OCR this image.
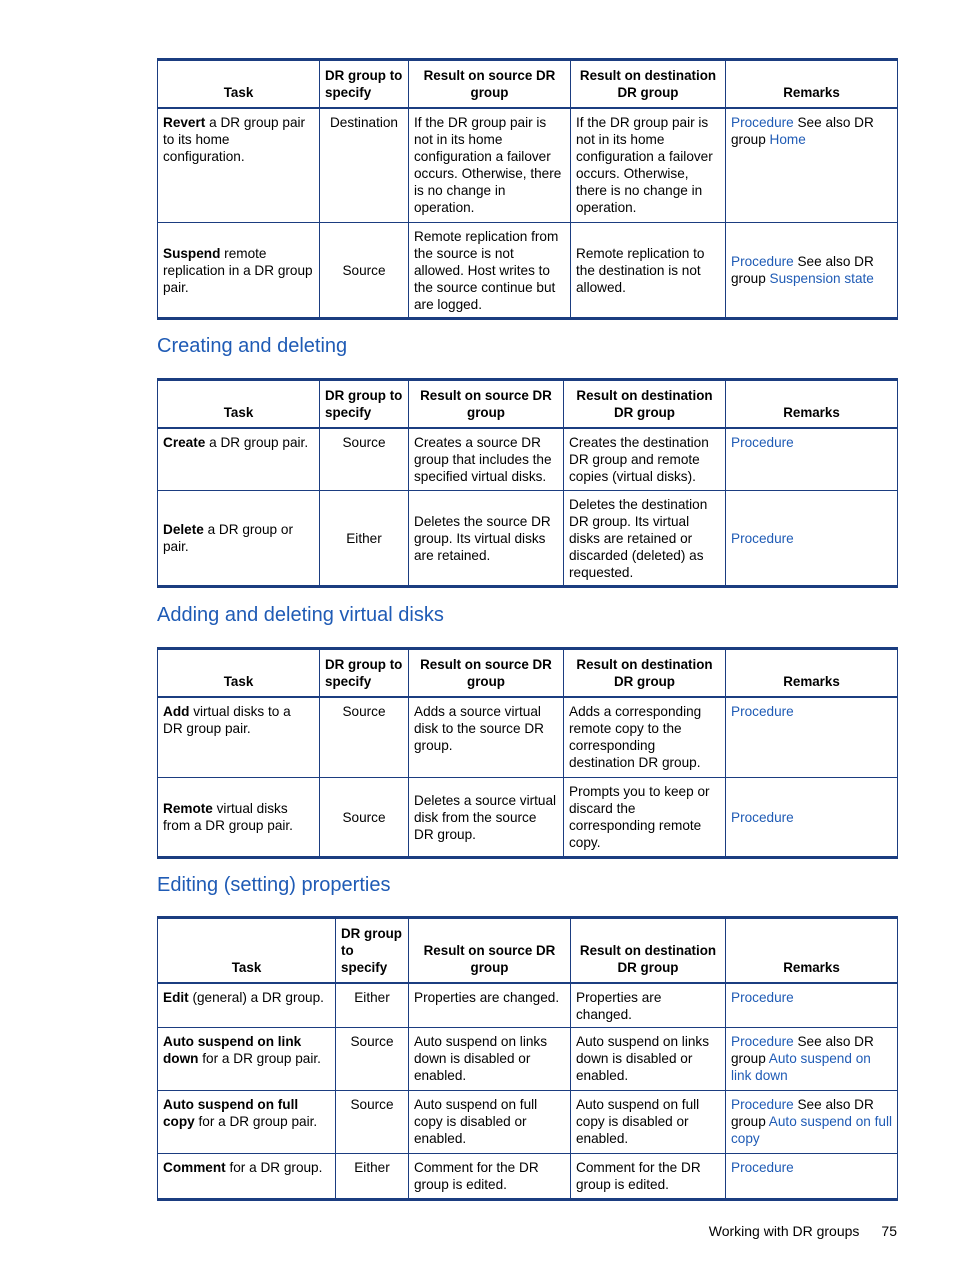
Task	DR group to specify	Result on source DR group	Result on destination DR group	Remarks
Revert a DR group pair to its home configuration.	Destination	If the DR group pair is not in its home configuration a failover occurs. Otherwise, there is no change in operation.	If the DR group pair is not in its home configuration a failover occurs. Otherwise, there is no change in operation.	Procedure See also DR group Home
Suspend remote replication in a DR group pair.	Source	Remote replication from the source is not allowed. Host writes to the source continue but are logged.	Remote replication to the destination is not allowed.	Procedure See also DR group Suspension state
Creating and deleting
Task	DR group to specify	Result on source DR group	Result on destination DR group	Remarks
Create a DR group pair.	Source	Creates a source DR group that includes the specified virtual disks.	Creates the destination DR group and remote copies (virtual disks).	Procedure
Delete a DR group or pair.	Either	Deletes the source DR group. Its virtual disks are retained.	Deletes the destination DR group. Its virtual disks are retained or discarded (deleted) as requested.	Procedure
Adding and deleting virtual disks
Task	DR group to specify	Result on source DR group	Result on destination DR group	Remarks
Add virtual disks to a DR group pair.	Source	Adds a source virtual disk to the source DR group.	Adds a corresponding remote copy to the corresponding destination DR group.	Procedure
Remote virtual disks from a DR group pair.	Source	Deletes a source virtual disk from the source DR group.	Prompts you to keep or discard the corresponding remote copy.	Procedure
Editing (setting) properties
Task	DR group to specify	Result on source DR group	Result on destination DR group	Remarks
Edit (general) a DR group.	Either	Properties are changed.	Properties are changed.	Procedure
Auto suspend on link down for a DR group pair.	Source	Auto suspend on links down is disabled or enabled.	Auto suspend on links down is disabled or enabled.	Procedure See also DR group Auto suspend on link down
Auto suspend on full copy for a DR group pair.	Source	Auto suspend on full copy is disabled or enabled.	Auto suspend on full copy is disabled or enabled.	Procedure See also DR group Auto suspend on full copy
Comment for a DR group.	Either	Comment for the DR group is edited.	Comment for the DR group is edited.	Procedure
Working with DR groups 75
